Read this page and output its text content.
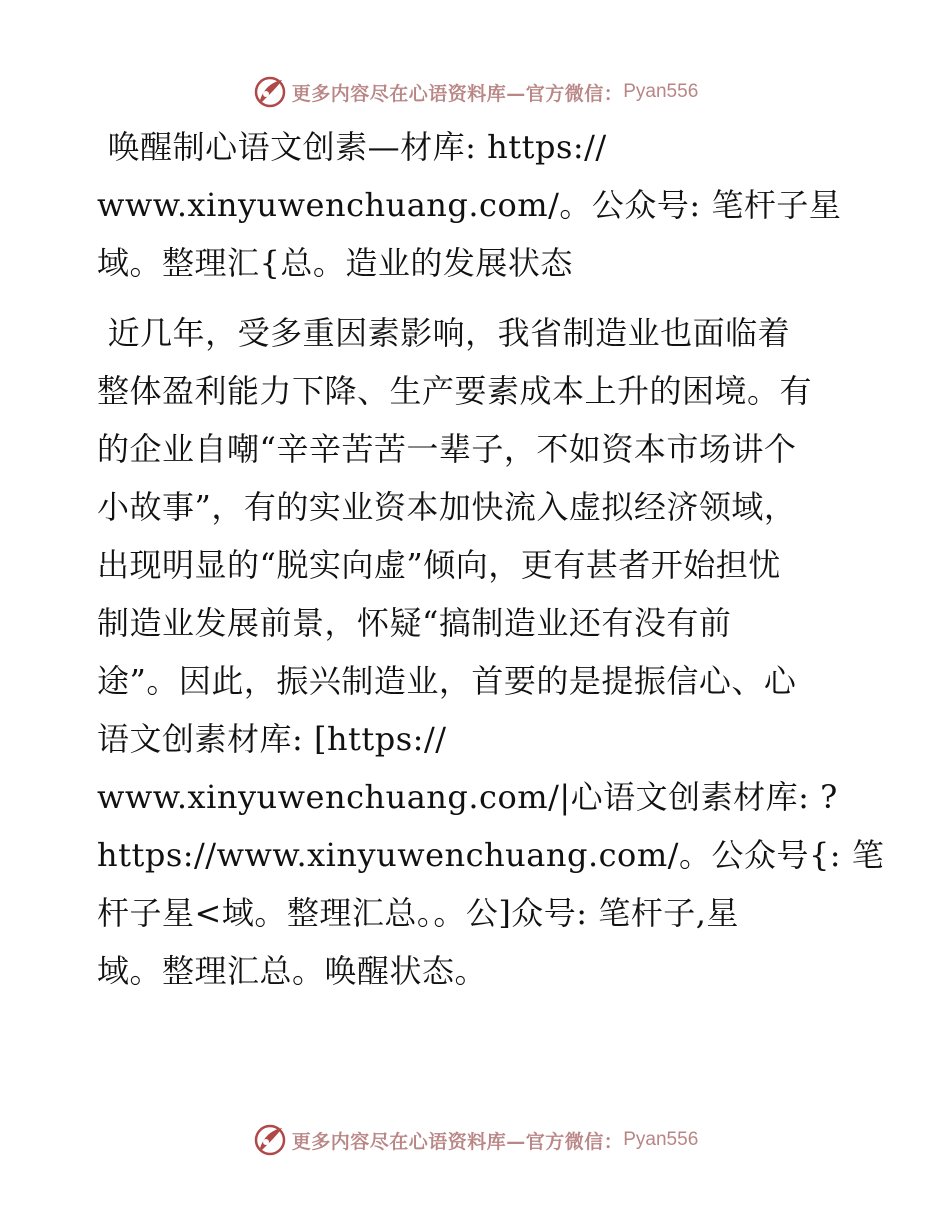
更多内容尽在心语资料库—官方微信： Pyan556

唤醒制心语文创素—材库: https://
www.xinyuwenchuang.com/。公众号: 笔杆子星
域。整理汇{总。造业的发展状态

近几年，受多重因素影响，我省制造业也面临着
整体盈利能力下降、生产要素成本上升的困境。有
的企业自嘲“辛辛苦苦一辈子，不如资本市场讲个
小故事”，有的实业资本加快流入虚拟经济领域，
出现明显的“脱实向虚”倾向，更有甚者开始担忧
制造业发展前景，怀疑“搞制造业还有没有前
途”。因此，振兴制造业，首要的是提振信心、心
语文创素材库: [https://
www.xinyuwenchuang.com/|心语文创素材库: ?
https://www.xinyuwenchuang.com/。公众号{: 笔
杆子星<域。整理汇总。。公]众号: 笔杆子,星
域。整理汇总。唤醒状态。

更多内容尽在心语资料库—官方微信： Pyan556
